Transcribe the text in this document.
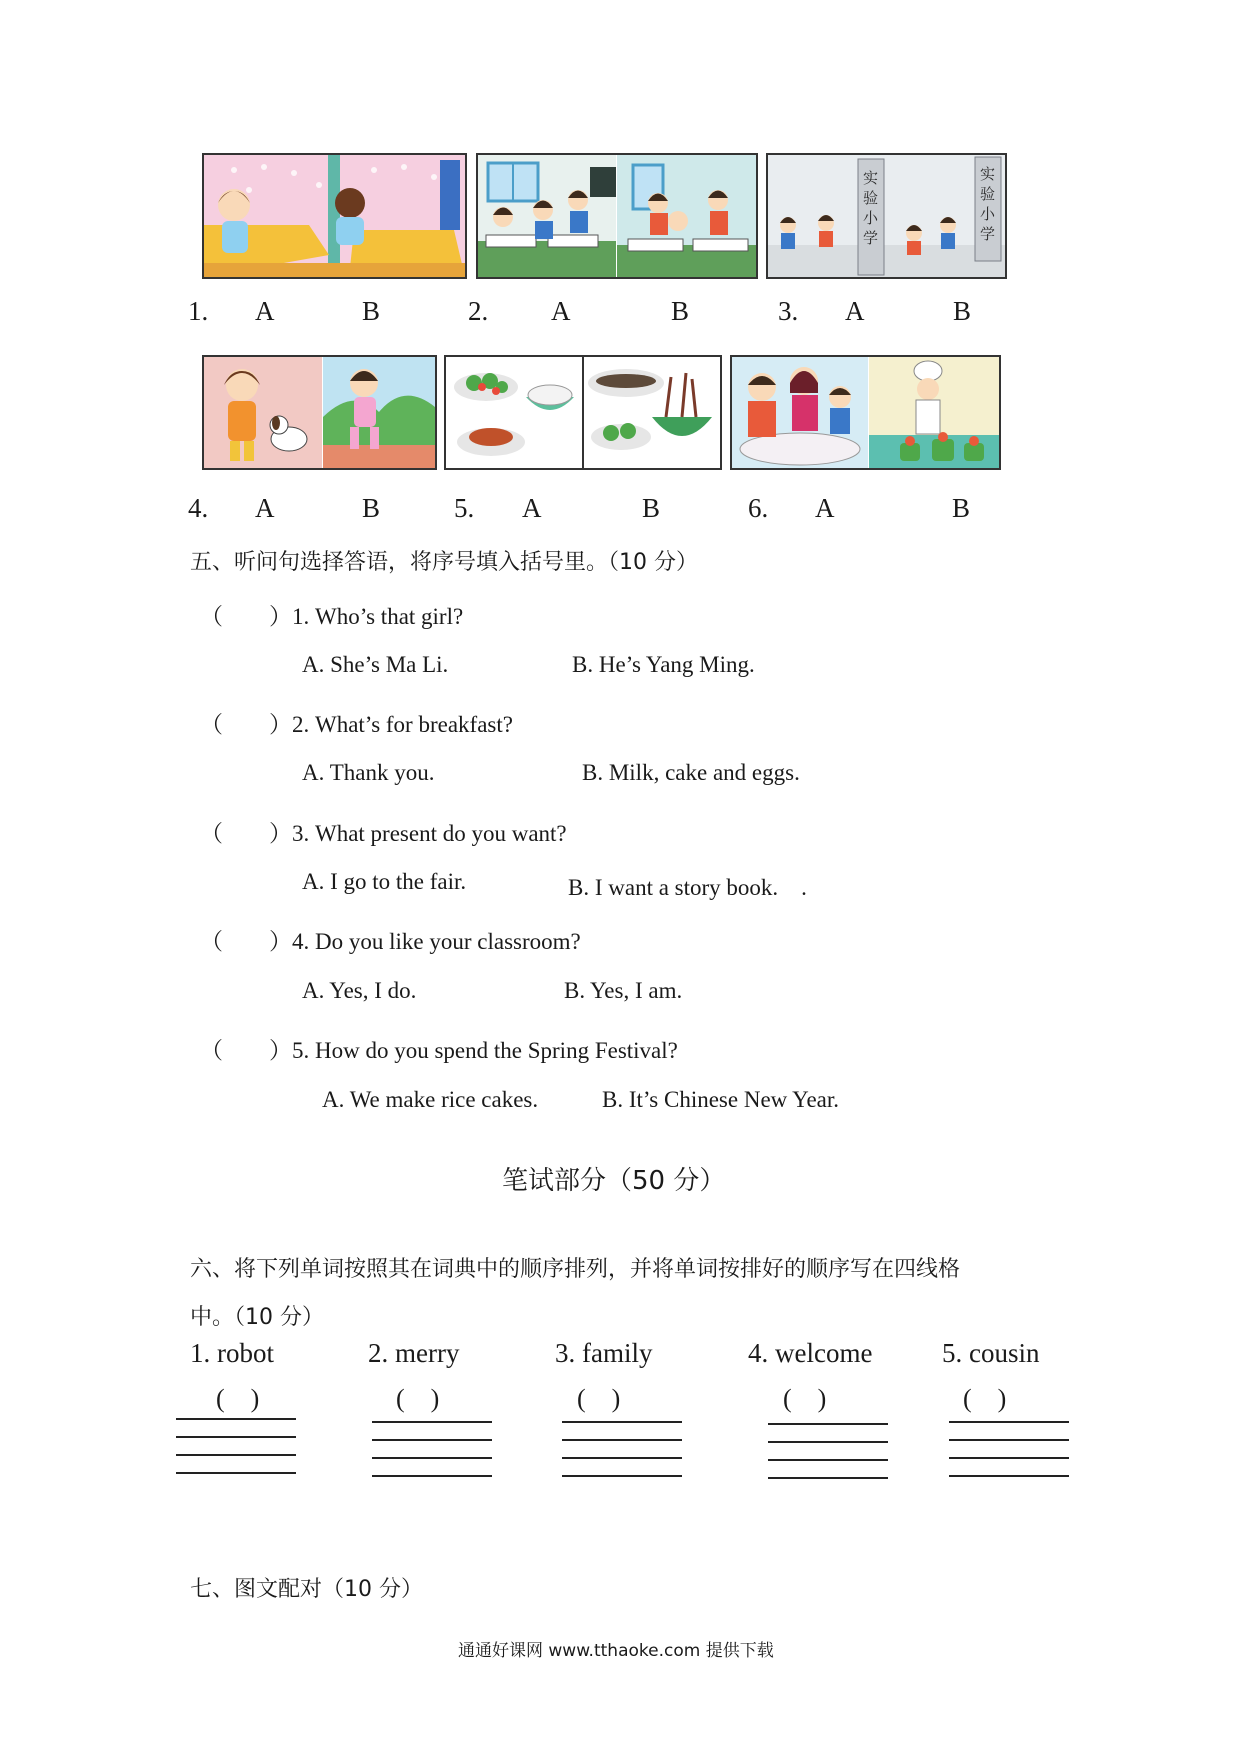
实
验
小
学
实
验
小
学
1. A	B	2. A	B	3. A	B
4. A	B	5. A	B	6. A	B
五、听问句选择答语，将序号填入括号里。（10 分）
（　　）1. Who’s that girl?
A. She’s Ma Li.	B. He’s Yang Ming.
（　　）2. What’s for breakfast?
A. Thank you.	B. Milk, cake and eggs.
（　　）3. What present do you want?
A. I go to the fair.	B. I want a story book.　.
（　　）4. Do you like your classroom?
A. Yes, I do.	B. Yes, I am.
（　　）5. How do you spend the Spring Festival?
A. We make rice cakes.	B. It’s Chinese New Year.
笔试部分（50 分）
六、将下列单词按照其在词典中的顺序排列，并将单词按排好的顺序写在四线格
中。（10 分）
1. robot	2. merry	3. family	4. welcome	5. cousin
(　)	(　)	(　)	(　)	(　)
七、图文配对（10 分）
通通好课网 www.tthaoke.com 提供下载
